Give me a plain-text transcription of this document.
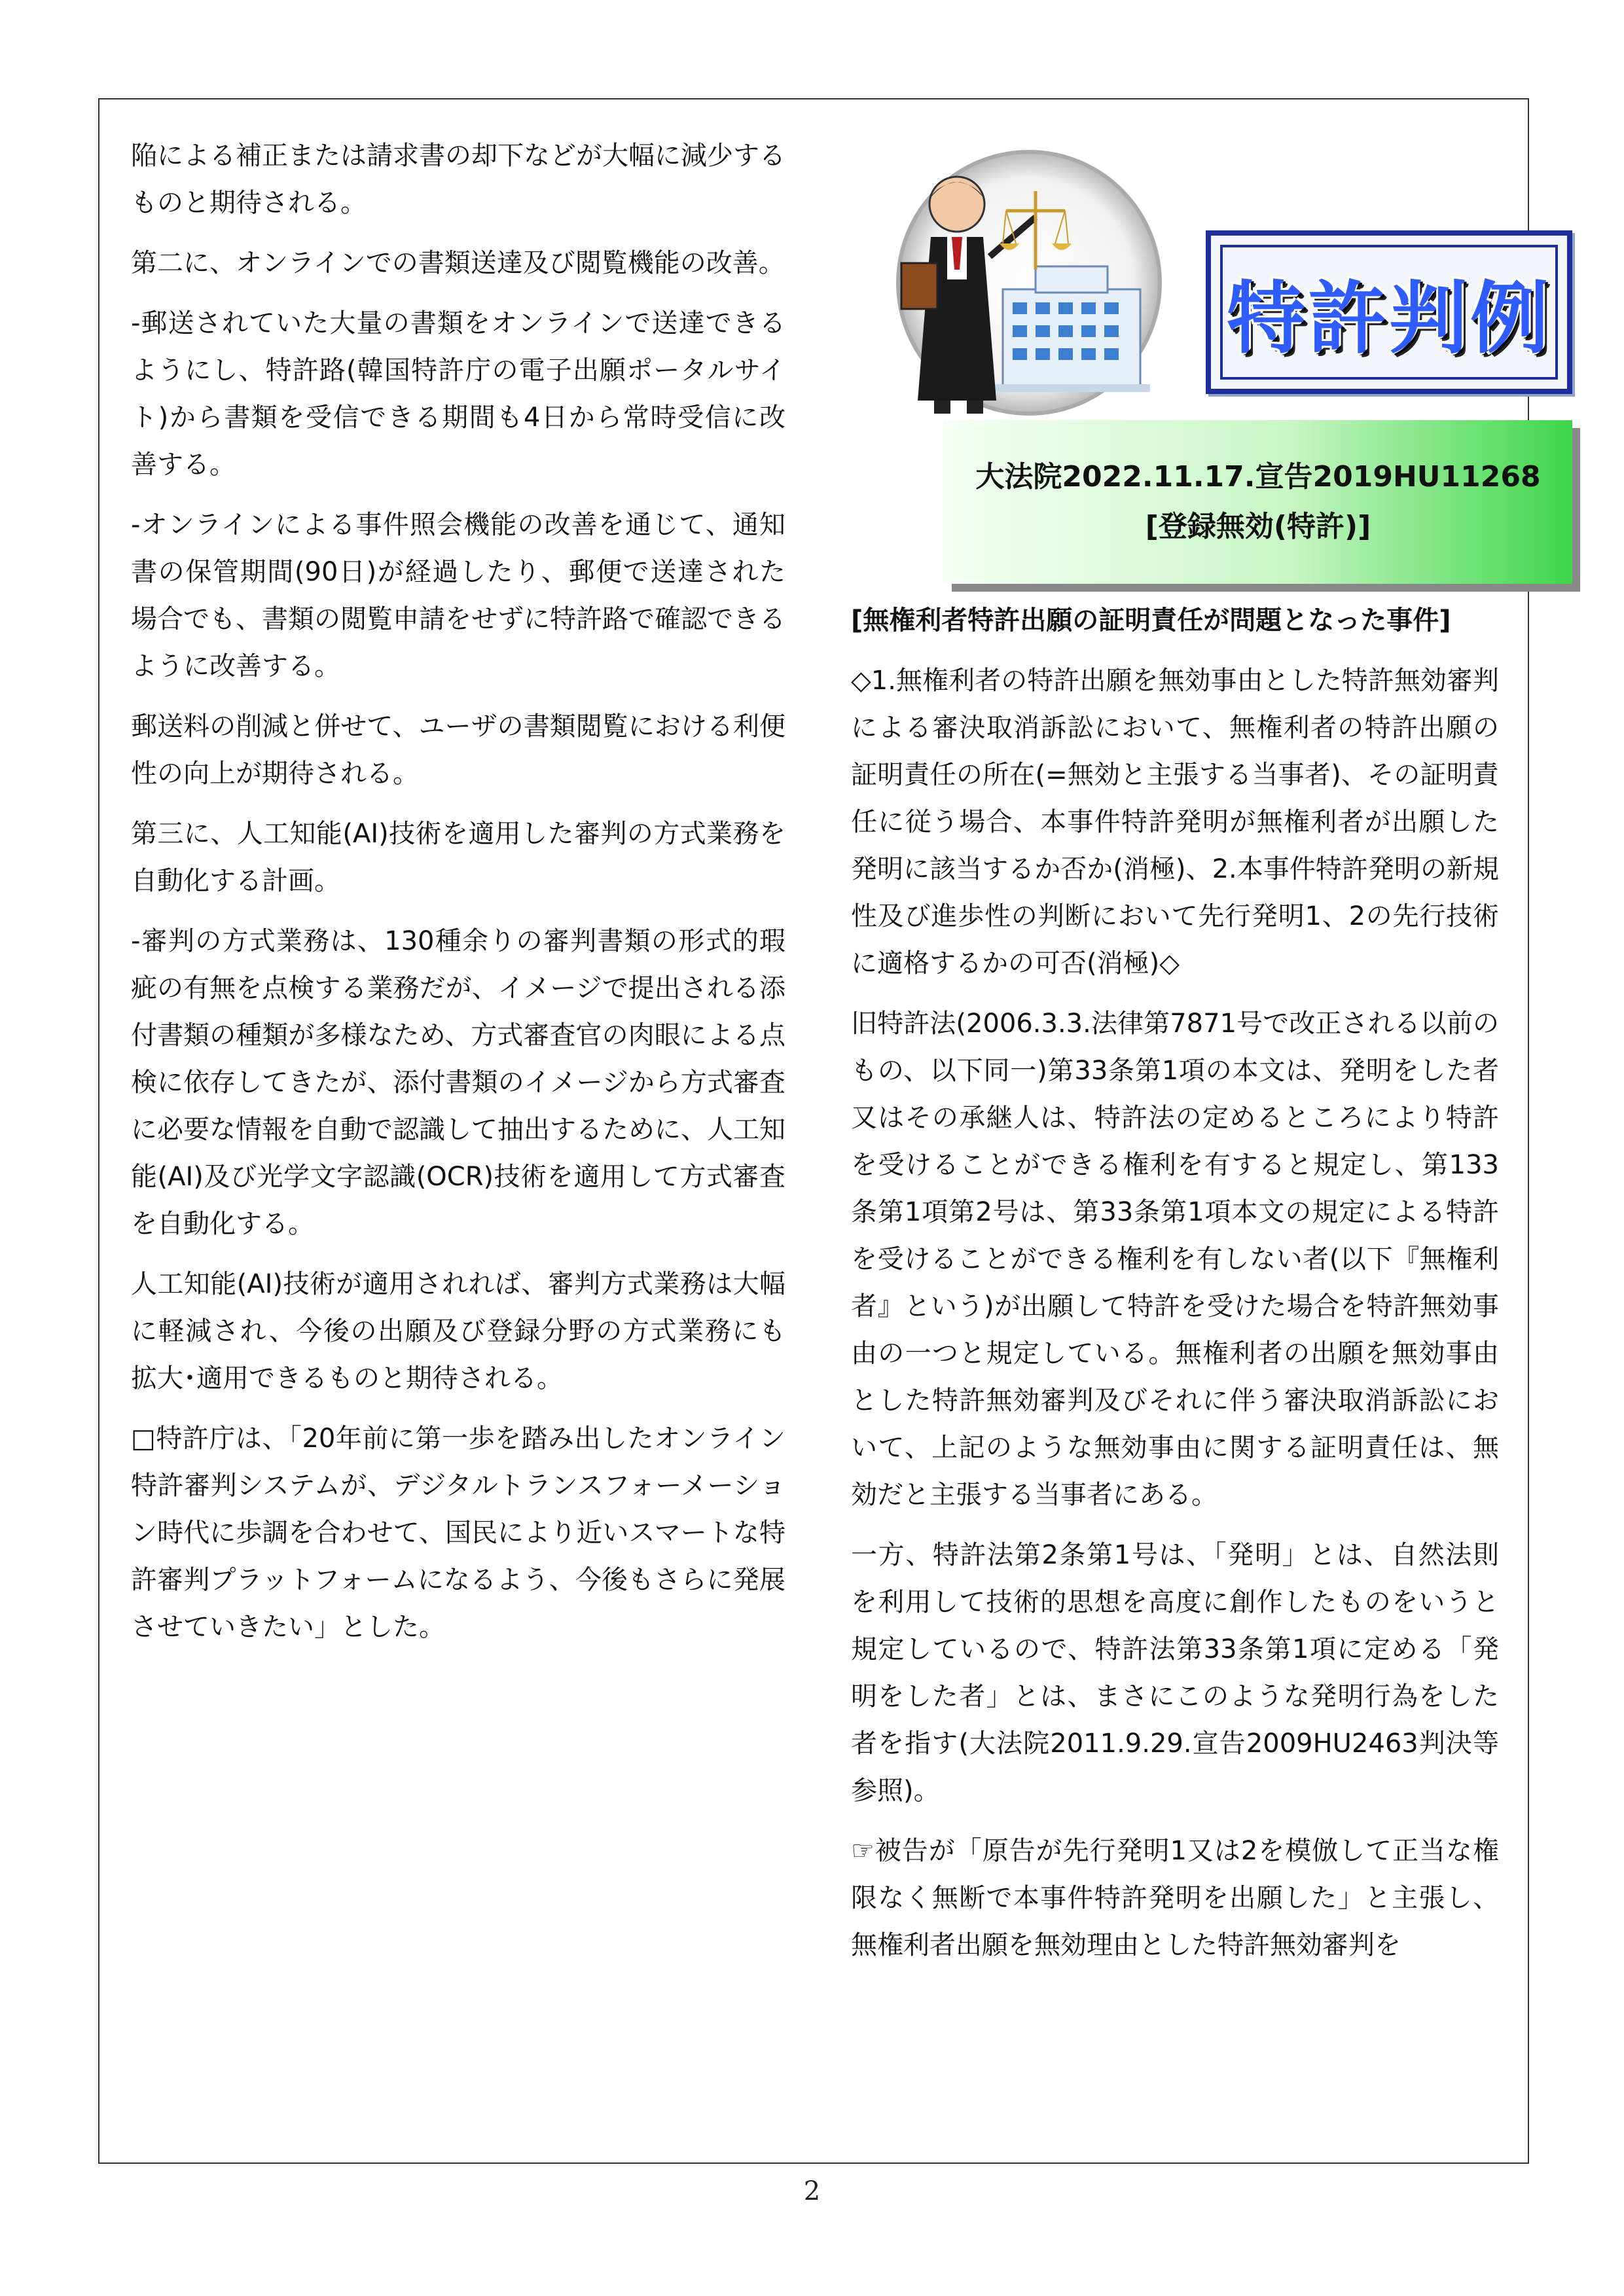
陥による補正または請求書の却下などが大幅に減少するものと期待される。

第二に、オンラインでの書類送達及び閲覧機能の改善。

-郵送されていた大量の書類をオンラインで送達できるようにし、特許路(韓国特許庁の電子出願ポータルサイト)から書類を受信できる期間も4日から常時受信に改善する。

-オンラインによる事件照会機能の改善を通じて、通知書の保管期間(90日)が経過したり、郵便で送達された場合でも、書類の閲覧申請をせずに特許路で確認できるように改善する。

郵送料の削減と併せて、ユーザの書類閲覧における利便性の向上が期待される。

第三に、人工知能(AI)技術を適用した審判の方式業務を自動化する計画。

-審判の方式業務は、130種余りの審判書類の形式的瑕疵の有無を点検する業務だが、イメージで提出される添付書類の種類が多様なため、方式審査官の肉眼による点検に依存してきたが、添付書類のイメージから方式審査に必要な情報を自動で認識して抽出するために、人工知能(AI)及び光学文字認識(OCR)技術を適用して方式審査を自動化する。

人工知能(AI)技術が適用されれば、審判方式業務は大幅に軽減され、今後の出願及び登録分野の方式業務にも拡大･適用できるものと期待される。

□特許庁は、「20年前に第一歩を踏み出したオンライン特許審判システムが、デジタルトランスフォーメーション時代に歩調を合わせて、国民により近いスマートな特許審判プラットフォームになるよう、今後もさらに発展させていきたい」とした。

特許判例
大法院2022.11.17.宣告2019HU11268
[登録無効(特許)]

[無権利者特許出願の証明責任が問題となった事件]

◇1.無権利者の特許出願を無効事由とした特許無効審判による審決取消訴訟において、無権利者の特許出願の証明責任の所在(=無効と主張する当事者)、その証明責任に従う場合、本事件特許発明が無権利者が出願した発明に該当するか否か(消極)、2.本事件特許発明の新規性及び進歩性の判断において先行発明1、2の先行技術に適格するかの可否(消極)◇

旧特許法(2006.3.3.法律第7871号で改正される以前のもの、以下同一)第33条第1項の本文は、発明をした者又はその承継人は、特許法の定めるところにより特許を受けることができる権利を有すると規定し、第133条第1項第2号は、第33条第1項本文の規定による特許を受けることができる権利を有しない者(以下『無権利者』という)が出願して特許を受けた場合を特許無効事由の一つと規定している。無権利者の出願を無効事由とした特許無効審判及びそれに伴う審決取消訴訟において、上記のような無効事由に関する証明責任は、無効だと主張する当事者にある。

一方、特許法第2条第1号は、「発明」とは、自然法則を利用して技術的思想を高度に創作したものをいうと規定しているので、特許法第33条第1項に定める「発明をした者」とは、まさにこのような発明行為をした者を指す(大法院2011.9.29.宣告2009HU2463判決等参照)。

☞被告が「原告が先行発明1又は2を模倣して正当な権限なく無断で本事件特許発明を出願した」と主張し、無権利者出願を無効理由とした特許無効審判を

2
